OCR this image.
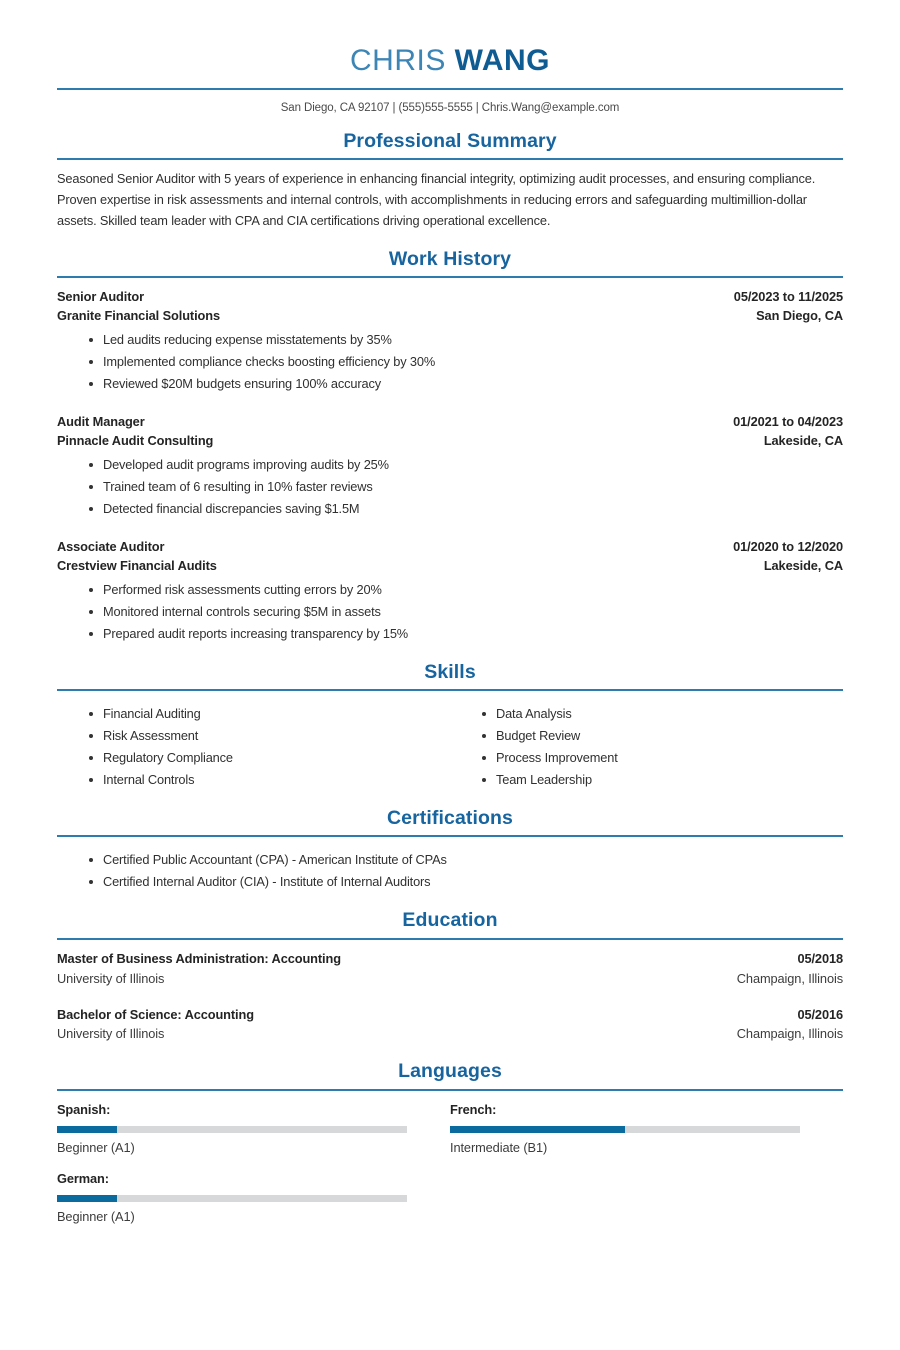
CHRIS WANG
San Diego, CA 92107 | (555)555-5555 | Chris.Wang@example.com
Professional Summary
Seasoned Senior Auditor with 5 years of experience in enhancing financial integrity, optimizing audit processes, and ensuring compliance. Proven expertise in risk assessments and internal controls, with accomplishments in reducing errors and safeguarding multimillion-dollar assets. Skilled team leader with CPA and CIA certifications driving operational excellence.
Work History
Senior Auditor	05/2023 to 11/2025
Granite Financial Solutions	San Diego, CA
Led audits reducing expense misstatements by 35%
Implemented compliance checks boosting efficiency by 30%
Reviewed $20M budgets ensuring 100% accuracy
Audit Manager	01/2021 to 04/2023
Pinnacle Audit Consulting	Lakeside, CA
Developed audit programs improving audits by 25%
Trained team of 6 resulting in 10% faster reviews
Detected financial discrepancies saving $1.5M
Associate Auditor	01/2020 to 12/2020
Crestview Financial Audits	Lakeside, CA
Performed risk assessments cutting errors by 20%
Monitored internal controls securing $5M in assets
Prepared audit reports increasing transparency by 15%
Skills
Financial Auditing
Risk Assessment
Regulatory Compliance
Internal Controls
Data Analysis
Budget Review
Process Improvement
Team Leadership
Certifications
Certified Public Accountant (CPA) - American Institute of CPAs
Certified Internal Auditor (CIA) - Institute of Internal Auditors
Education
Master of Business Administration: Accounting	05/2018
University of Illinois	Champaign, Illinois
Bachelor of Science: Accounting	05/2016
University of Illinois	Champaign, Illinois
Languages
Spanish:
Beginner (A1)
French:
Intermediate (B1)
German:
Beginner (A1)
